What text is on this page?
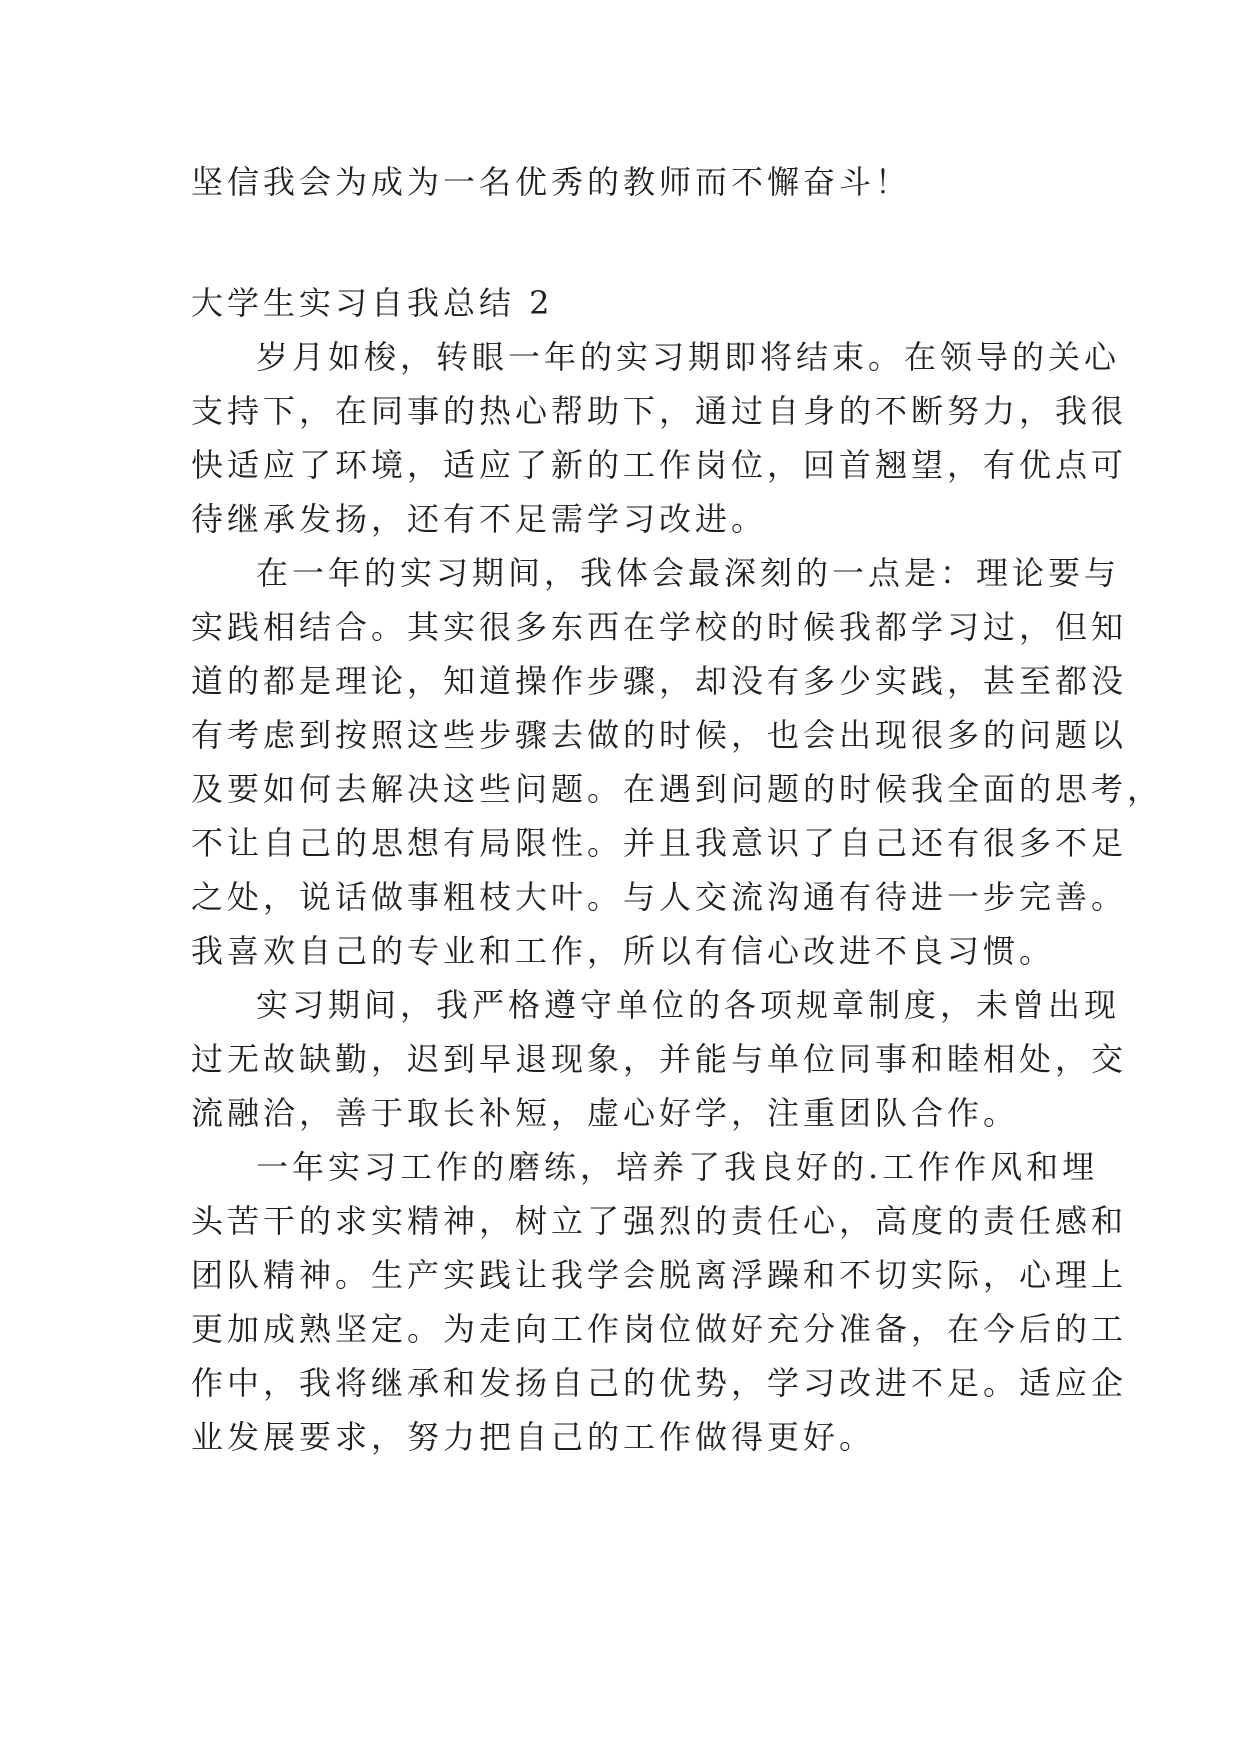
坚信我会为成为一名优秀的教师而不懈奋斗！
大学生实习自我总结 2
岁月如梭，转眼一年的实习期即将结束。在领导的关心
支持下，在同事的热心帮助下，通过自身的不断努力，我很
快适应了环境，适应了新的工作岗位，回首翘望，有优点可
待继承发扬，还有不足需学习改进。
在一年的实习期间，我体会最深刻的一点是：理论要与
实践相结合。其实很多东西在学校的时候我都学习过，但知
道的都是理论，知道操作步骤，却没有多少实践，甚至都没
有考虑到按照这些步骤去做的时候，也会出现很多的问题以
及要如何去解决这些问题。在遇到问题的时候我全面的思考，
不让自己的思想有局限性。并且我意识了自己还有很多不足
之处，说话做事粗枝大叶。与人交流沟通有待进一步完善。
我喜欢自己的专业和工作，所以有信心改进不良习惯。
实习期间，我严格遵守单位的各项规章制度，未曾出现
过无故缺勤，迟到早退现象，并能与单位同事和睦相处，交
流融洽，善于取长补短，虚心好学，注重团队合作。
一年实习工作的磨练，培养了我良好的.工作作风和埋
头苦干的求实精神，树立了强烈的责任心，高度的责任感和
团队精神。生产实践让我学会脱离浮躁和不切实际，心理上
更加成熟坚定。为走向工作岗位做好充分准备，在今后的工
作中，我将继承和发扬自己的优势，学习改进不足。适应企
业发展要求，努力把自己的工作做得更好。
